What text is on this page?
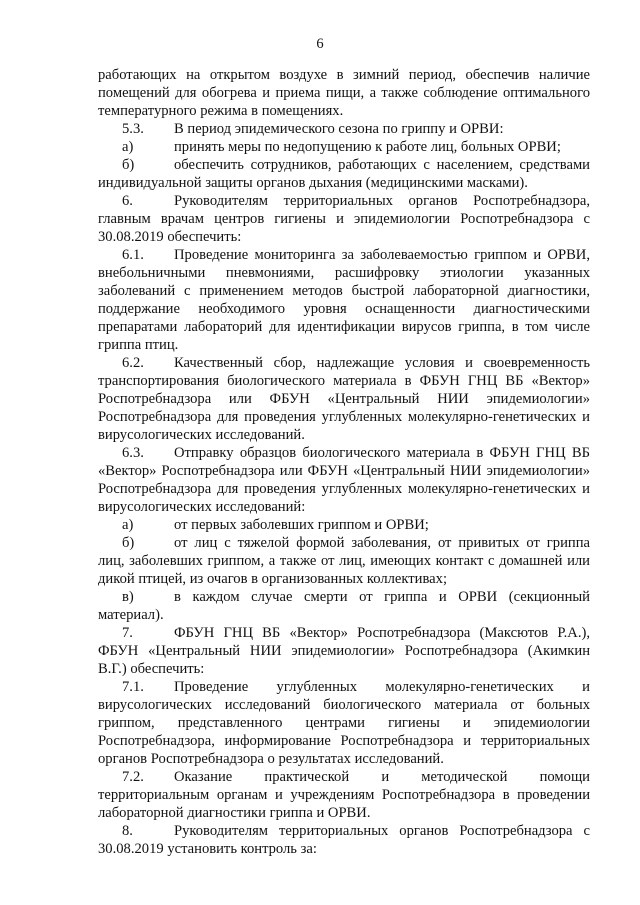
6

работающих на открытом воздухе в зимний период, обеспечив наличие помещений для обогрева и приема пищи, а также соблюдение оптимального температурного режима в помещениях.

5.3. В период эпидемического сезона по гриппу и ОРВИ:

а)	принять меры по недопущению к работе лиц, больных ОРВИ;

б)	обеспечить сотрудников, работающих с населением, средствами индивидуальной защиты органов дыхания (медицинскими масками).

6.	Руководителям территориальных органов Роспотребнадзора, главным врачам центров гигиены и эпидемиологии Роспотребнадзора с 30.08.2019 обеспечить:

6.1. Проведение мониторинга за заболеваемостью гриппом и ОРВИ, внебольничными пневмониями, расшифровку этиологии указанных заболеваний с применением методов быстрой лабораторной диагностики, поддержание необходимого уровня оснащенности диагностическими препаратами лабораторий для идентификации вирусов гриппа, в том числе гриппа птиц.

6.2. Качественный сбор, надлежащие условия и своевременность транспортирования биологического материала в ФБУН ГНЦ ВБ «Вектор» Роспотребнадзора или ФБУН «Центральный НИИ эпидемиологии» Роспотребнадзора для проведения углубленных молекулярно-генетических и вирусологических исследований.

6.3. Отправку образцов биологического материала в ФБУН ГНЦ ВБ «Вектор» Роспотребнадзора или ФБУН «Центральный НИИ эпидемиологии» Роспотребнадзора для проведения углубленных молекулярно-генетических и вирусологических исследований:

а)	от первых заболевших гриппом и ОРВИ;

б)	от лиц с тяжелой формой заболевания, от привитых от гриппа лиц, заболевших гриппом, а также от лиц, имеющих контакт с домашней или дикой птицей, из очагов в организованных коллективах;

в)	в каждом случае смерти от гриппа и ОРВИ (секционный материал).

7.	ФБУН ГНЦ ВБ «Вектор» Роспотребнадзора (Максютов Р.А.), ФБУН «Центральный НИИ эпидемиологии» Роспотребнадзора (Акимкин В.Г.) обеспечить:

7.1. Проведение углубленных молекулярно-генетических и вирусологических исследований биологического материала от больных гриппом, представленного центрами гигиены и эпидемиологии Роспотребнадзора, информирование Роспотребнадзора и территориальных органов Роспотребнадзора о результатах исследований.

7.2. Оказание практической и методической помощи территориальным органам и учреждениям Роспотребнадзора в проведении лабораторной диагностики гриппа и ОРВИ.

8.	Руководителям территориальных органов Роспотребнадзора с 30.08.2019 установить контроль за:
